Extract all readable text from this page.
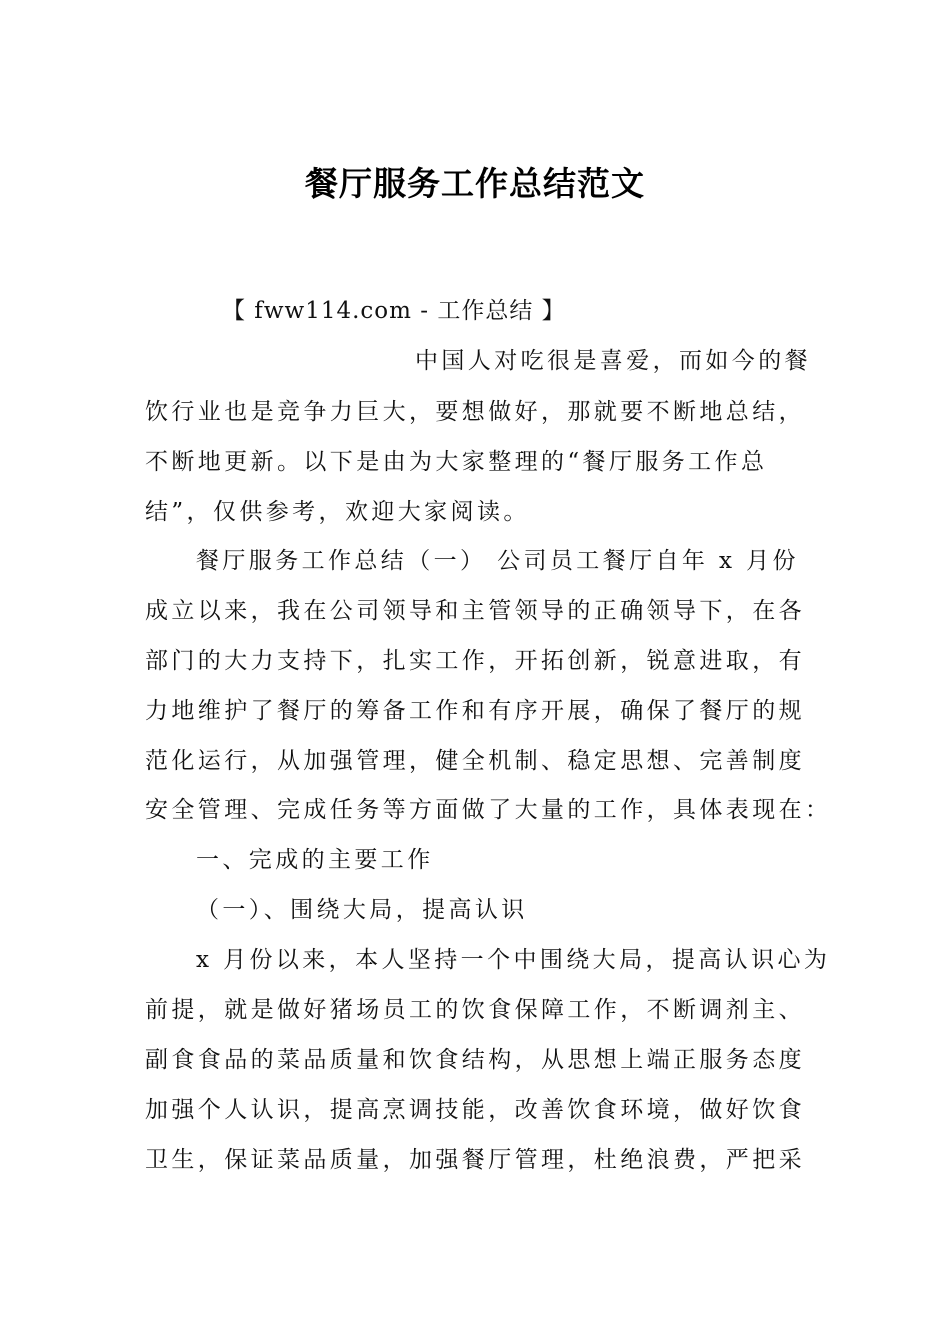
餐厅服务工作总结范文
【 fww114.com - 工作总结 】
中国人对吃很是喜爱，而如今的餐
饮行业也是竞争力巨大，要想做好，那就要不断地总结，
不断地更新。以下是由为大家整理的“餐厅服务工作总
结”，仅供参考，欢迎大家阅读。
餐厅服务工作总结（一） 公司员工餐厅自年 x 月份
成立以来，我在公司领导和主管领导的正确领导下，在各
部门的大力支持下，扎实工作，开拓创新，锐意进取，有
力地维护了餐厅的筹备工作和有序开展，确保了餐厅的规
范化运行，从加强管理，健全机制、稳定思想、完善制度
安全管理、完成任务等方面做了大量的工作，具体表现在：
一、完成的主要工作
（一）、围绕大局，提高认识
x 月份以来，本人坚持一个中围绕大局，提高认识心为
前提，就是做好猪场员工的饮食保障工作，不断调剂主、
副食食品的菜品质量和饮食结构，从思想上端正服务态度
加强个人认识，提高烹调技能，改善饮食环境，做好饮食
卫生，保证菜品质量，加强餐厅管理，杜绝浪费，严把采
